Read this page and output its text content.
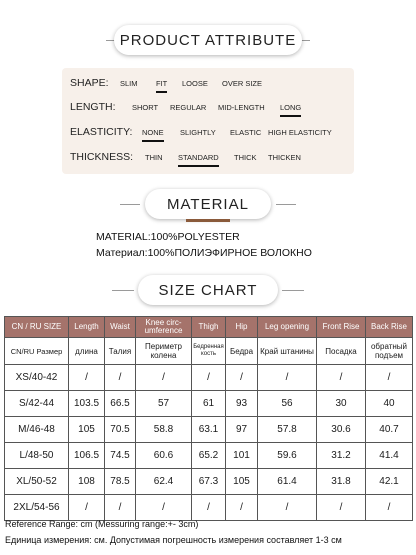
PRODUCT ATTRIBUTE
SHAPE: SLIM FIT LOOSE OVER SIZE
LENGTH: SHORT REGULAR MID-LENGTH LONG
ELASTICITY: NONE SLIGHTLY ELASTIC HIGH ELASTICITY
THICKNESS: THIN STANDARD THICK THICKEN
MATERIAL
MATERIAL:100%POLYESTER
Материал:100%ПОЛИЭФИРНОЕ ВОЛОКНО
SIZE CHART
CN / RU SIZE	Length	Waist	Knee circ-umference	Thigh	Hip	Leg opening	Front Rise	Back Rise
CN/RU Размер	длина	Талия	Периметр колена	Бедренная кость	Бедра	Край штанины	Посадка	обратный подъем
XS/40-42	/	/	/	/	/	/	/	/
S/42-44	103.5	66.5	57	61	93	56	30	40
M/46-48	105	70.5	58.8	63.1	97	57.8	30.6	40.7
L/48-50	106.5	74.5	60.6	65.2	101	59.6	31.2	41.4
XL/50-52	108	78.5	62.4	67.3	105	61.4	31.8	42.1
2XL/54-56	/	/	/	/	/	/	/	/
Reference Range: cm (Messuring range:+- 3cm)
Единица измерения: см. Допустимая погрешность измерения составляет 1-3 см
